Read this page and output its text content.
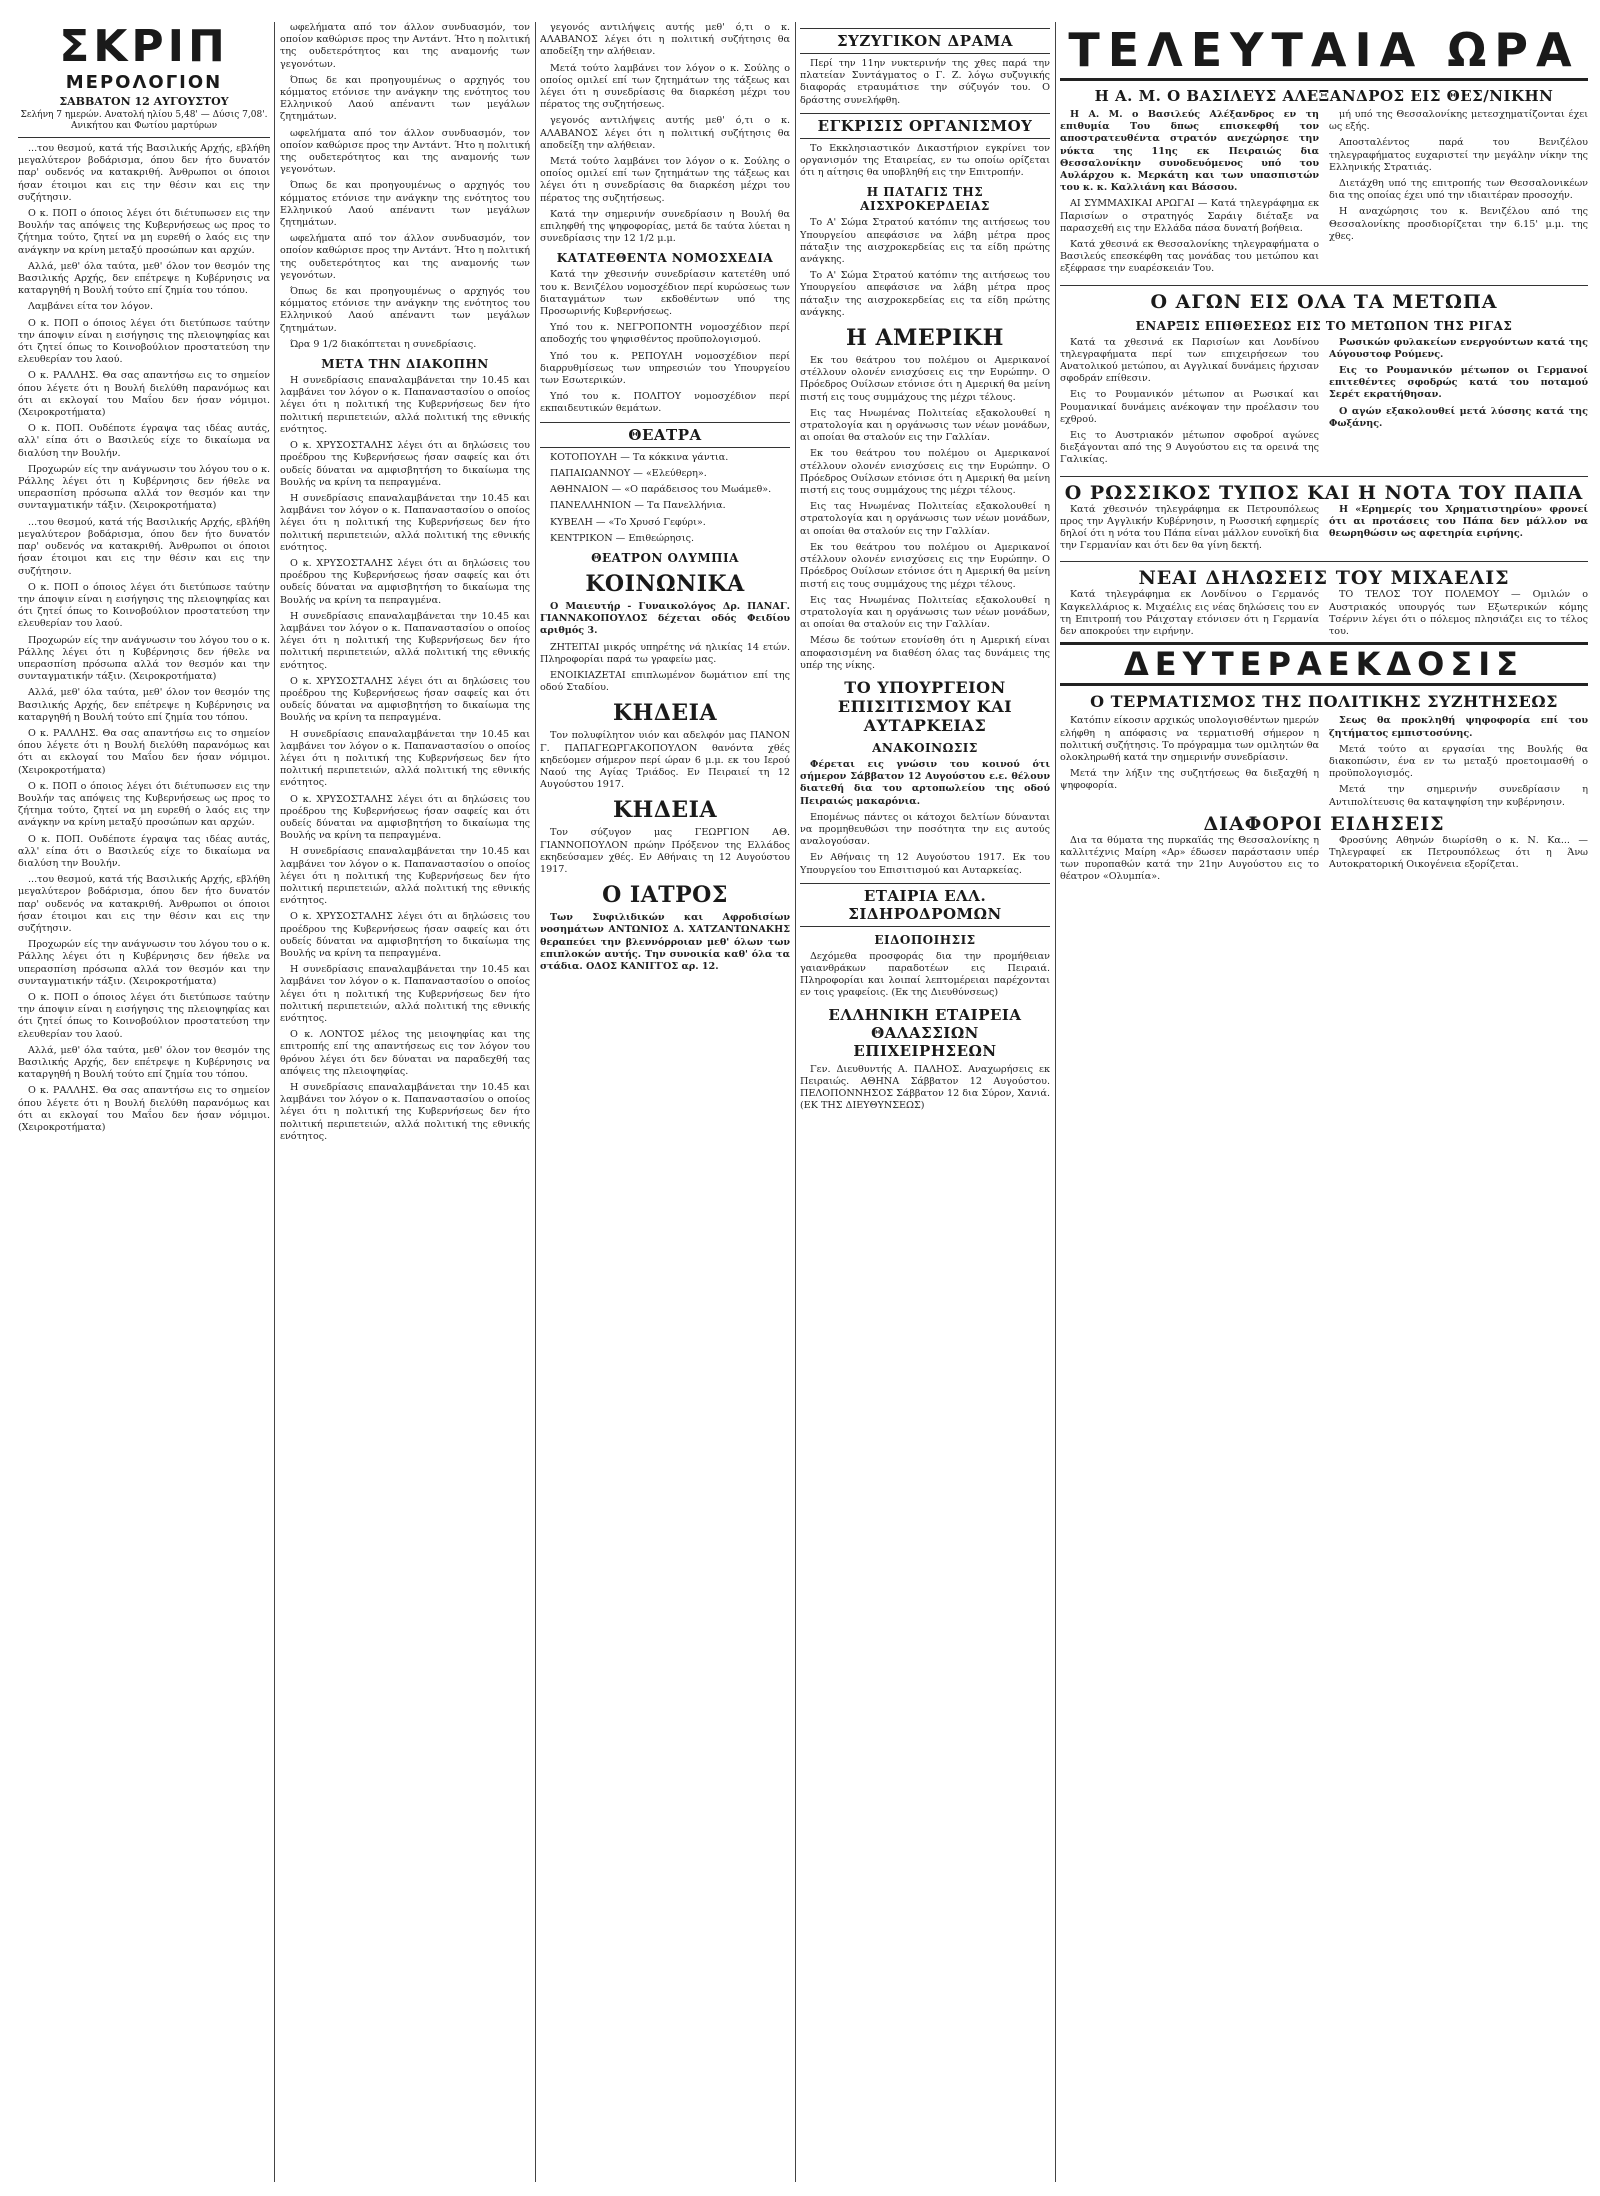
ΣΚΡΙΠ
ΜΕΡΟΛΟΓΙΟΝ
ΣΑΒΒΑΤΟΝ 12 ΑΥΓΟΥΣΤΟΥ
Σελήνη 7 ημερών. Ανατολή ηλίου 5,48' — Δύσις 7,08'. Ανικήτου και Φωτίου μαρτύρων

...του θεσμού, κατά τής Βασιλικής Αρχής, εβλήθη μεγαλύτερον βοδάρισμα, όπου δεν ήτο δυνατόν παρ' ουδενός να κατακριθή. Άνθρωποι οι όποιοι ήσαν έτοιμοι και εις την θέσιν και εις την συζήτησιν.

Ο κ. ΠΟΠ ο όποιος λέγει ότι διέτυπωσεν εις την Βουλήν τας απόψεις της Κυβερνήσεως ως προς το ζήτημα τούτο, ζητεί να μη ευρεθή ο λαός εις την ανάγκην να κρίνη μεταξύ προσώπων και αρχών.

Αλλά, μεθ' όλα ταύτα, μεθ' όλον τον θεσμόν της Βασιλικής Αρχής, δεν επέτρεψε η Κυβέρνησις να καταργηθή η Βουλή τούτο επί ζημία του τόπου.

Λαμβάνει είτα τον λόγον.

Ο κ. ΠΟΠ ο όποιος λέγει ότι διετύπωσε ταύτην την άποψιν είναι η εισήγησις της πλειοψηφίας και ότι ζητεί όπως το Κοινοβούλιον προστατεύση την ελευθερίαν του λαού.

Ο κ. ΡΑΛΛΗΣ. Θα σας απαντήσω εις το σημείον όπου λέγετε ότι η Βουλή διελύθη παρανόμως και ότι αι εκλογαί του Μαΐου δεν ήσαν νόμιμοι. (Χειροκροτήματα)

Ο κ. ΠΟΠ. Ουδέποτε έγραψα τας ιδέας αυτάς, αλλ' είπα ότι ο Βασιλεύς είχε το δικαίωμα να διαλύση την Βουλήν.

Προχωρών είς την ανάγνωσιν του λόγου του ο κ. Ράλλης λέγει ότι η Κυβέρνησις δεν ήθελε να υπερασπίση πρόσωπα αλλά τον θεσμόν και την συνταγματικήν τάξιν. (Χειροκροτήματα)

...του θεσμού, κατά τής Βασιλικής Αρχής, εβλήθη μεγαλύτερον βοδάρισμα, όπου δεν ήτο δυνατόν παρ' ουδενός να κατακριθή. Άνθρωποι οι όποιοι ήσαν έτοιμοι και εις την θέσιν και εις την συζήτησιν.

Ο κ. ΠΟΠ ο όποιος λέγει ότι διετύπωσε ταύτην την άποψιν είναι η εισήγησις της πλειοψηφίας και ότι ζητεί όπως το Κοινοβούλιον προστατεύση την ελευθερίαν του λαού.

Προχωρών είς την ανάγνωσιν του λόγου του ο κ. Ράλλης λέγει ότι η Κυβέρνησις δεν ήθελε να υπερασπίση πρόσωπα αλλά τον θεσμόν και την συνταγματικήν τάξιν. (Χειροκροτήματα)

Αλλά, μεθ' όλα ταύτα, μεθ' όλον τον θεσμόν της Βασιλικής Αρχής, δεν επέτρεψε η Κυβέρνησις να καταργηθή η Βουλή τούτο επί ζημία του τόπου.

Ο κ. ΡΑΛΛΗΣ. Θα σας απαντήσω εις το σημείον όπου λέγετε ότι η Βουλή διελύθη παρανόμως και ότι αι εκλογαί του Μαΐου δεν ήσαν νόμιμοι. (Χειροκροτήματα)

Ο κ. ΠΟΠ ο όποιος λέγει ότι διέτυπωσεν εις την Βουλήν τας απόψεις της Κυβερνήσεως ως προς το ζήτημα τούτο, ζητεί να μη ευρεθή ο λαός εις την ανάγκην να κρίνη μεταξύ προσώπων και αρχών.

Ο κ. ΠΟΠ. Ουδέποτε έγραψα τας ιδέας αυτάς, αλλ' είπα ότι ο Βασιλεύς είχε το δικαίωμα να διαλύση την Βουλήν.

...του θεσμού, κατά τής Βασιλικής Αρχής, εβλήθη μεγαλύτερον βοδάρισμα, όπου δεν ήτο δυνατόν παρ' ουδενός να κατακριθή. Άνθρωποι οι όποιοι ήσαν έτοιμοι και εις την θέσιν και εις την συζήτησιν.

Προχωρών είς την ανάγνωσιν του λόγου του ο κ. Ράλλης λέγει ότι η Κυβέρνησις δεν ήθελε να υπερασπίση πρόσωπα αλλά τον θεσμόν και την συνταγματικήν τάξιν. (Χειροκροτήματα)

Ο κ. ΠΟΠ ο όποιος λέγει ότι διετύπωσε ταύτην την άποψιν είναι η εισήγησις της πλειοψηφίας και ότι ζητεί όπως το Κοινοβούλιον προστατεύση την ελευθερίαν του λαού.

Αλλά, μεθ' όλα ταύτα, μεθ' όλον τον θεσμόν της Βασιλικής Αρχής, δεν επέτρεψε η Κυβέρνησις να καταργηθή η Βουλή τούτο επί ζημία του τόπου.

Ο κ. ΡΑΛΛΗΣ. Θα σας απαντήσω εις το σημείον όπου λέγετε ότι η Βουλή διελύθη παρανόμως και ότι αι εκλογαί του Μαΐου δεν ήσαν νόμιμοι. (Χειροκροτήματα)

ωφελήματα από τον άλλον συνδυασμόν, τον οποίον καθώρισε προς την Αντάντ. Ήτο η πολιτική της ουδετερότητος και της αναμονής των γεγονότων.

Όπως δε και προηγουμένως ο αρχηγός του κόμματος ετόνισε την ανάγκην της ενότητος του Ελληνικού Λαού απέναντι των μεγάλων ζητημάτων.

ωφελήματα από τον άλλον συνδυασμόν, τον οποίον καθώρισε προς την Αντάντ. Ήτο η πολιτική της ουδετερότητος και της αναμονής των γεγονότων.

Όπως δε και προηγουμένως ο αρχηγός του κόμματος ετόνισε την ανάγκην της ενότητος του Ελληνικού Λαού απέναντι των μεγάλων ζητημάτων.

ωφελήματα από τον άλλον συνδυασμόν, τον οποίον καθώρισε προς την Αντάντ. Ήτο η πολιτική της ουδετερότητος και της αναμονής των γεγονότων.

Όπως δε και προηγουμένως ο αρχηγός του κόμματος ετόνισε την ανάγκην της ενότητος του Ελληνικού Λαού απέναντι των μεγάλων ζητημάτων.

Ώρα 9 1/2 διακόπτεται η συνεδρίασις.

ΜΕΤΑ ΤΗΝ ΔΙΑΚΟΠΗΝ

Η συνεδρίασις επαναλαμβάνεται την 10.45 και λαμβάνει τον λόγον ο κ. Παπαναστασίου ο οποίος λέγει ότι η πολιτική της Κυβερνήσεως δεν ήτο πολιτική περιπετειών, αλλά πολιτική της εθνικής ενότητος.

Ο κ. ΧΡΥΣΟΣΤΑΛΗΣ λέγει ότι αι δηλώσεις του προέδρου της Κυβερνήσεως ήσαν σαφείς και ότι ουδείς δύναται να αμφισβητήση το δικαίωμα της Βουλής να κρίνη τα πεπραγμένα.

Η συνεδρίασις επαναλαμβάνεται την 10.45 και λαμβάνει τον λόγον ο κ. Παπαναστασίου ο οποίος λέγει ότι η πολιτική της Κυβερνήσεως δεν ήτο πολιτική περιπετειών, αλλά πολιτική της εθνικής ενότητος.

Ο κ. ΧΡΥΣΟΣΤΑΛΗΣ λέγει ότι αι δηλώσεις του προέδρου της Κυβερνήσεως ήσαν σαφείς και ότι ουδείς δύναται να αμφισβητήση το δικαίωμα της Βουλής να κρίνη τα πεπραγμένα.

Η συνεδρίασις επαναλαμβάνεται την 10.45 και λαμβάνει τον λόγον ο κ. Παπαναστασίου ο οποίος λέγει ότι η πολιτική της Κυβερνήσεως δεν ήτο πολιτική περιπετειών, αλλά πολιτική της εθνικής ενότητος.

Ο κ. ΧΡΥΣΟΣΤΑΛΗΣ λέγει ότι αι δηλώσεις του προέδρου της Κυβερνήσεως ήσαν σαφείς και ότι ουδείς δύναται να αμφισβητήση το δικαίωμα της Βουλής να κρίνη τα πεπραγμένα.

Η συνεδρίασις επαναλαμβάνεται την 10.45 και λαμβάνει τον λόγον ο κ. Παπαναστασίου ο οποίος λέγει ότι η πολιτική της Κυβερνήσεως δεν ήτο πολιτική περιπετειών, αλλά πολιτική της εθνικής ενότητος.

Ο κ. ΧΡΥΣΟΣΤΑΛΗΣ λέγει ότι αι δηλώσεις του προέδρου της Κυβερνήσεως ήσαν σαφείς και ότι ουδείς δύναται να αμφισβητήση το δικαίωμα της Βουλής να κρίνη τα πεπραγμένα.

Η συνεδρίασις επαναλαμβάνεται την 10.45 και λαμβάνει τον λόγον ο κ. Παπαναστασίου ο οποίος λέγει ότι η πολιτική της Κυβερνήσεως δεν ήτο πολιτική περιπετειών, αλλά πολιτική της εθνικής ενότητος.

Ο κ. ΧΡΥΣΟΣΤΑΛΗΣ λέγει ότι αι δηλώσεις του προέδρου της Κυβερνήσεως ήσαν σαφείς και ότι ουδείς δύναται να αμφισβητήση το δικαίωμα της Βουλής να κρίνη τα πεπραγμένα.

Η συνεδρίασις επαναλαμβάνεται την 10.45 και λαμβάνει τον λόγον ο κ. Παπαναστασίου ο οποίος λέγει ότι η πολιτική της Κυβερνήσεως δεν ήτο πολιτική περιπετειών, αλλά πολιτική της εθνικής ενότητος.

Ο κ. ΛΟΝΤΟΣ μέλος της μειοψηφίας και της επιτροπής επί της απαντήσεως εις τον λόγον του θρόνου λέγει ότι δεν δύναται να παραδεχθή τας απόψεις της πλειοψηφίας.

Η συνεδρίασις επαναλαμβάνεται την 10.45 και λαμβάνει τον λόγον ο κ. Παπαναστασίου ο οποίος λέγει ότι η πολιτική της Κυβερνήσεως δεν ήτο πολιτική περιπετειών, αλλά πολιτική της εθνικής ενότητος.

γεγονός αντιλήψεις αυτής μεθ' ό,τι ο κ. ΑΛΑΒΑΝΟΣ λέγει ότι η πολιτική συζήτησις θα αποδείξη την αλήθειαν.

Μετά τούτο λαμβάνει τον λόγον ο κ. Σούλης ο οποίος ομιλεί επί των ζητημάτων της τάξεως και λέγει ότι η συνεδρίασις θα διαρκέση μέχρι του πέρατος της συζητήσεως.

γεγονός αντιλήψεις αυτής μεθ' ό,τι ο κ. ΑΛΑΒΑΝΟΣ λέγει ότι η πολιτική συζήτησις θα αποδείξη την αλήθειαν.

Μετά τούτο λαμβάνει τον λόγον ο κ. Σούλης ο οποίος ομιλεί επί των ζητημάτων της τάξεως και λέγει ότι η συνεδρίασις θα διαρκέση μέχρι του πέρατος της συζητήσεως.

Κατά την σημερινήν συνεδρίασιν η Βουλή θα επιληφθή της ψηφοφορίας, μετά δε ταύτα λύεται η συνεδρίασις την 12 1/2 μ.μ.

ΚΑΤΑΤΕΘΕΝΤΑ ΝΟΜΟΣΧΕΔΙΑ

Κατά την χθεσινήν συνεδρίασιν κατετέθη υπό του κ. Βενιζέλου νομοσχέδιον περί κυρώσεως των διαταγμάτων των εκδοθέντων υπό της Προσωρινής Κυβερνήσεως.

Υπό του κ. ΝΕΓΡΟΠΟΝΤΗ νομοσχέδιον περί αποδοχής του ψηφισθέντος προϋπολογισμού.

Υπό του κ. ΡΕΠΟΥΛΗ νομοσχέδιον περί διαρρυθμίσεως των υπηρεσιών του Υπουργείου των Εσωτερικών.

Υπό του κ. ΠΟΛΙΤΟΥ νομοσχέδιον περί εκπαιδευτικών θεμάτων.

ΘΕΑΤΡΑ

ΚΟΤΟΠΟΥΛΗ — Τα κόκκινα γάντια.

ΠΑΠΑΙΩΑΝΝΟΥ — «Ελεύθερη».

ΑΘΗΝΑΙΟΝ — «Ο παράδεισος του Μωάμεθ».

ΠΑΝΕΛΛΗΝΙΟΝ — Τα Πανελλήνια.

ΚΥΒΕΛΗ — «Το Χρυσό Γεφύρι».

ΚΕΝΤΡΙΚΟΝ — Επιθεώρησις.

ΘΕΑΤΡΟΝ ΟΛΥΜΠΙΑ
ΚΟΙΝΩΝΙΚΑ

Ο Μαιευτήρ - Γυναικολόγος Δρ. ΠΑΝΑΓ. ΓΙΑΝΝΑΚΟΠΟΥΛΟΣ δέχεται οδός Φειδίου αριθμός 3.

ΖΗΤΕΙΤΑΙ μικρός υπηρέτης νά ηλικίας 14 ετών. Πληροφορίαι παρά τω γραφείω μας.

ΕΝΟΙΚΙΑΖΕΤΑΙ επιπλωμένον δωμάτιον επί της οδού Σταδίου.

ΚΗΔΕΙΑ

Τον πολυφίλητον υιόν και αδελφόν μας ΠΑΝΟΝ Γ. ΠΑΠΑΓΕΩΡΓΑΚΟΠΟΥΛΟΝ θανόντα χθές κηδεύομεν σήμερον περί ώραν 6 μ.μ. εκ του Ιερού Ναού της Αγίας Τριάδος. Εν Πειραιεί τη 12 Αυγούστου 1917.

ΚΗΔΕΙΑ

Τον σύζυγον μας ΓΕΩΡΓΙΟΝ ΑΘ. ΓΙΑΝΝΟΠΟΥΛΟΝ πρώην Πρόξενον της Ελλάδος εκηδεύσαμεν χθές. Εν Αθήναις τη 12 Αυγούστου 1917.

Ο ΙΑΤΡΟΣ

Των Συφιλιδικών και Αφροδισίων νοσημάτων ΑΝΤΩΝΙΟΣ Δ. ΧΑΤΖΑΝΤΩΝΑΚΗΣ θεραπεύει την βλεννόρροιαν μεθ' όλων των επιπλοκών αυτής. Την συνοικία καθ' όλα τα στάδια. ΟΔΟΣ ΚΑΝΙΓΓΟΣ αρ. 12.

ΣΥΖΥΓΙΚΟΝ ΔΡΑΜΑ

Περί την 11ην νυκτερινήν της χθες παρά την πλατείαν Συντάγματος ο Γ. Ζ. λόγω συζυγικής διαφοράς ετραυμάτισε την σύζυγόν του. Ο δράστης συνελήφθη.

ΕΓΚΡΙΣΙΣ ΟΡΓΑΝΙΣΜΟΥ

Το Εκκλησιαστικόν Δικαστήριον εγκρίνει τον οργανισμόν της Εταιρείας, εν τω οποίω ορίζεται ότι η αίτησις θα υποβληθή εις την Επιτροπήν.

Η ΠΑΤΑΓΙΣ ΤΗΣ ΑΙΣΧΡΟΚΕΡΔΕΙΑΣ

Το Α' Σώμα Στρατού κατόπιν της αιτήσεως του Υπουργείου απεφάσισε να λάβη μέτρα προς πάταξιν της αισχροκερδείας εις τα είδη πρώτης ανάγκης.

Το Α' Σώμα Στρατού κατόπιν της αιτήσεως του Υπουργείου απεφάσισε να λάβη μέτρα προς πάταξιν της αισχροκερδείας εις τα είδη πρώτης ανάγκης.

Η ΑΜΕΡΙΚΗ

Εκ του θεάτρου του πολέμου οι Αμερικανοί στέλλουν ολονέν ενισχύσεις εις την Ευρώπην. Ο Πρόεδρος Ουίλσων ετόνισε ότι η Αμερική θα μείνη πιστή εις τους συμμάχους της μέχρι τέλους.

Εις τας Ηνωμένας Πολιτείας εξακολουθεί η στρατολογία και η οργάνωσις των νέων μονάδων, αι οποίαι θα σταλούν εις την Γαλλίαν.

Εκ του θεάτρου του πολέμου οι Αμερικανοί στέλλουν ολονέν ενισχύσεις εις την Ευρώπην. Ο Πρόεδρος Ουίλσων ετόνισε ότι η Αμερική θα μείνη πιστή εις τους συμμάχους της μέχρι τέλους.

Εις τας Ηνωμένας Πολιτείας εξακολουθεί η στρατολογία και η οργάνωσις των νέων μονάδων, αι οποίαι θα σταλούν εις την Γαλλίαν.

Εκ του θεάτρου του πολέμου οι Αμερικανοί στέλλουν ολονέν ενισχύσεις εις την Ευρώπην. Ο Πρόεδρος Ουίλσων ετόνισε ότι η Αμερική θα μείνη πιστή εις τους συμμάχους της μέχρι τέλους.

Εις τας Ηνωμένας Πολιτείας εξακολουθεί η στρατολογία και η οργάνωσις των νέων μονάδων, αι οποίαι θα σταλούν εις την Γαλλίαν.

Μέσω δε τούτων ετονίσθη ότι η Αμερική είναι αποφασισμένη να διαθέση όλας τας δυνάμεις της υπέρ της νίκης.

ΤΟ ΥΠΟΥΡΓΕΙΟΝ ΕΠΙΣΙΤΙΣΜΟΥ ΚΑΙ ΑΥΤΑΡΚΕΙΑΣ
ΑΝΑΚΟΙΝΩΣΙΣ

Φέρεται εις γνώσιν του κοινού ότι σήμερον Σάββατον 12 Αυγούστου ε.ε. θέλουν διατεθή δια του αρτοπωλείου της οδού Πειραιώς μακαρόνια.

Επομένως πάντες οι κάτοχοι δελτίων δύνανται να προμηθευθώσι την ποσότητα την εις αυτούς αναλογούσαν.

Εν Αθήναις τη 12 Αυγούστου 1917. Εκ του Υπουργείου του Επισιτισμού και Αυταρκείας.

ΕΤΑΙΡΙΑ ΕΛΛ. ΣΙΔΗΡΟΔΡΟΜΩΝ
ΕΙΔΟΠΟΙΗΣΙΣ

Δεχόμεθα προσφοράς δια την προμήθειαν γαιανθράκων παραδοτέων εις Πειραιά. Πληροφορίαι και λοιπαί λεπτομέρειαι παρέχονται εν τοις γραφείοις. (Εκ της Διευθύνσεως)

ΕΛΛΗΝΙΚΗ ΕΤΑΙΡΕΙΑ ΘΑΛΑΣΣΙΩΝ ΕΠΙΧΕΙΡΗΣΕΩΝ

Γεν. Διευθυντής Α. ΠΑΛΗΟΣ. Αναχωρήσεις εκ Πειραιώς. ΑΘΗΝΑ Σάββατον 12 Αυγούστου. ΠΕΛΟΠΟΝΝΗΣΟΣ Σάββατον 12 δια Σύρον, Χανιά. (ΕΚ ΤΗΣ ΔΙΕΥΘΥΝΣΕΩΣ)

ΤΕΛΕΥΤΑΙΑ ΩΡΑ
Η Α. Μ. Ο ΒΑΣΙΛΕΥΣ ΑΛΕΞΑΝΔΡΟΣ ΕΙΣ ΘΕΣ/ΝΙΚΗΝ

Η Α. Μ. ο Βασιλεύς Αλέξανδρος εν τη επιθυμία Του δπως επισκεφθή τον αποστρατευθέντα στρατόν ανεχώρησε την νύκτα της 11ης εκ Πειραιώς δια Θεσσαλονίκην συνοδευόμενος υπό του Αυλάρχου κ. Μερκάτη και των υπασπιστών του κ. κ. Καλλιάνη και Βάσσου.

ΑΙ ΣΥΜΜΑΧΙΚΑΙ ΑΡΩΓΑΙ — Κατά τηλεγράφημα εκ Παρισίων ο στρατηγός Σαράιγ διέταξε να παρασχεθή εις την Ελλάδα πάσα δυνατή βοήθεια.

Κατά χθεσινά εκ Θεσσαλονίκης τηλεγραφήματα ο Βασιλεύς επεσκέφθη τας μονάδας του μετώπου και εξέφρασε την ευαρέσκειάν Του.

μή υπό της Θεσσαλονίκης μετεσχηματίζονται έχει ως εξής.

Αποσταλέντος παρά του Βενιζέλου τηλεγραφήματος ευχαριστεί την μεγάλην νίκην της Ελληνικής Στρατιάς.

Διετάχθη υπό της επιτροπής των Θεσσαλονικέων δια της οποίας έχει υπό την ιδιαιτέραν προσοχήν.

Η αναχώρησις του κ. Βενιζέλου από της Θεσσαλονίκης προσδιορίζεται την 6.15' μ.μ. της χθες.

Ο ΑΓΩΝ ΕΙΣ ΟΛΑ ΤΑ ΜΕΤΩΠΑ
ΕΝΑΡΞΙΣ ΕΠΙΘΕΣΕΩΣ ΕΙΣ ΤΟ ΜΕΤΩΠΟΝ ΤΗΣ ΡΙΓΑΣ

Κατά τα χθεσινά εκ Παρισίων και Λονδίνου τηλεγραφήματα περί των επιχειρήσεων του Ανατολικού μετώπου, αι Αγγλικαί δυνάμεις ήρχισαν σφοδράν επίθεσιν.

Εις το Ρουμανικόν μέτωπον αι Ρωσικαί και Ρουμανικαί δυνάμεις ανέκοψαν την προέλασιν του εχθρού.

Εις το Αυστριακόν μέτωπον σφοδροί αγώνες διεξάγονται από της 9 Αυγούστου εις τα ορεινά της Γαλικίας.

Ρωσικών φυλακείων ενεργούντων κατά της Αύγουστοφ Ρούμενς.

Εις το Ρουμανικόν μέτωπον οι Γερμανοί επιτεθέντες σφοδρώς κατά του ποταμού Σερέτ εκρατήθησαν.

Ο αγών εξακολουθεί μετά λύσσης κατά της Φωξάνης.

Ο ΡΩΣΣΙΚΟΣ ΤΥΠΟΣ ΚΑΙ Η ΝΟΤΑ ΤΟΥ ΠΑΠΑ

Κατά χθεσινόν τηλεγράφημα εκ Πετρουπόλεως προς την Αγγλικήν Κυβέρνησιν, η Ρωσσική εφημερίς δηλοί ότι η νότα του Πάπα είναι μάλλον ευνοϊκή δια την Γερμανίαν και ότι δεν θα γίνη δεκτή.

Η «Ερημερίς του Χρηματιστηρίου» φρονεί ότι αι προτάσεις του Πάπα δεν μάλλον να θεωρηθώσιν ως αφετηρία ειρήνης.

ΝΕΑΙ ΔΗΛΩΣΕΙΣ ΤΟΥ ΜΙΧΑΕΛΙΣ

Κατά τηλεγράφημα εκ Λονδίνου ο Γερμανός Καγκελλάριος κ. Μιχαέλις εις νέας δηλώσεις του εν τη Επιτροπή του Ράιχσταγ ετόνισεν ότι η Γερμανία δεν αποκρούει την ειρήνην.

ΤΟ ΤΕΛΟΣ ΤΟΥ ΠΟΛΕΜΟΥ — Ομιλών ο Αυστριακός υπουργός των Εξωτερικών κόμης Τσέρνιν λέγει ότι ο πόλεμος πλησιάζει εις το τέλος του.

ΔΕΥΤΕΡΑΕΚΔΟΣΙΣ
Ο ΤΕΡΜΑΤΙΣΜΟΣ ΤΗΣ ΠΟΛΙΤΙΚΗΣ ΣΥΖΗΤΗΣΕΩΣ

Κατόπιν είκοσιν αρχικώς υπολογισθέντων ημερών ελήφθη η απόφασις να τερματισθή σήμερον η πολιτική συζήτησις. Το πρόγραμμα των ομιλητών θα ολοκληρωθή κατά την σημερινήν συνεδρίασιν.

Μετά την λήξιν της συζητήσεως θα διεξαχθή η ψηφοφορία.

Σεως θα προκληθή ψηφοφορία επί του ζητήματος εμπιστοσύνης.

Μετά τούτο αι εργασίαι της Βουλής θα διακοπώσιν, ένα εν τω μεταξύ προετοιμασθή ο προϋπολογισμός.

Μετά την σημερινήν συνεδρίασιν η Αντιπολίτευσις θα καταψηφίση την κυβέρνησιν.

ΔΙΑΦΟΡΟΙ ΕΙΔΗΣΕΙΣ

Δια τα θύματα της πυρκαϊάς της Θεσσαλονίκης η καλλιτέχνις Μαίρη «Αρ» έδωσεν παράστασιν υπέρ των πυροπαθών κατά την 21ην Αυγούστου εις το θέατρον «Ολυμπία».

Φροσύνης Αθηνών διωρίσθη ο κ. Ν. Κα... — Τηλεγραφεί εκ Πετρουπόλεως ότι η Άνω Αυτοκρατορική Οικογένεια εξορίζεται.
